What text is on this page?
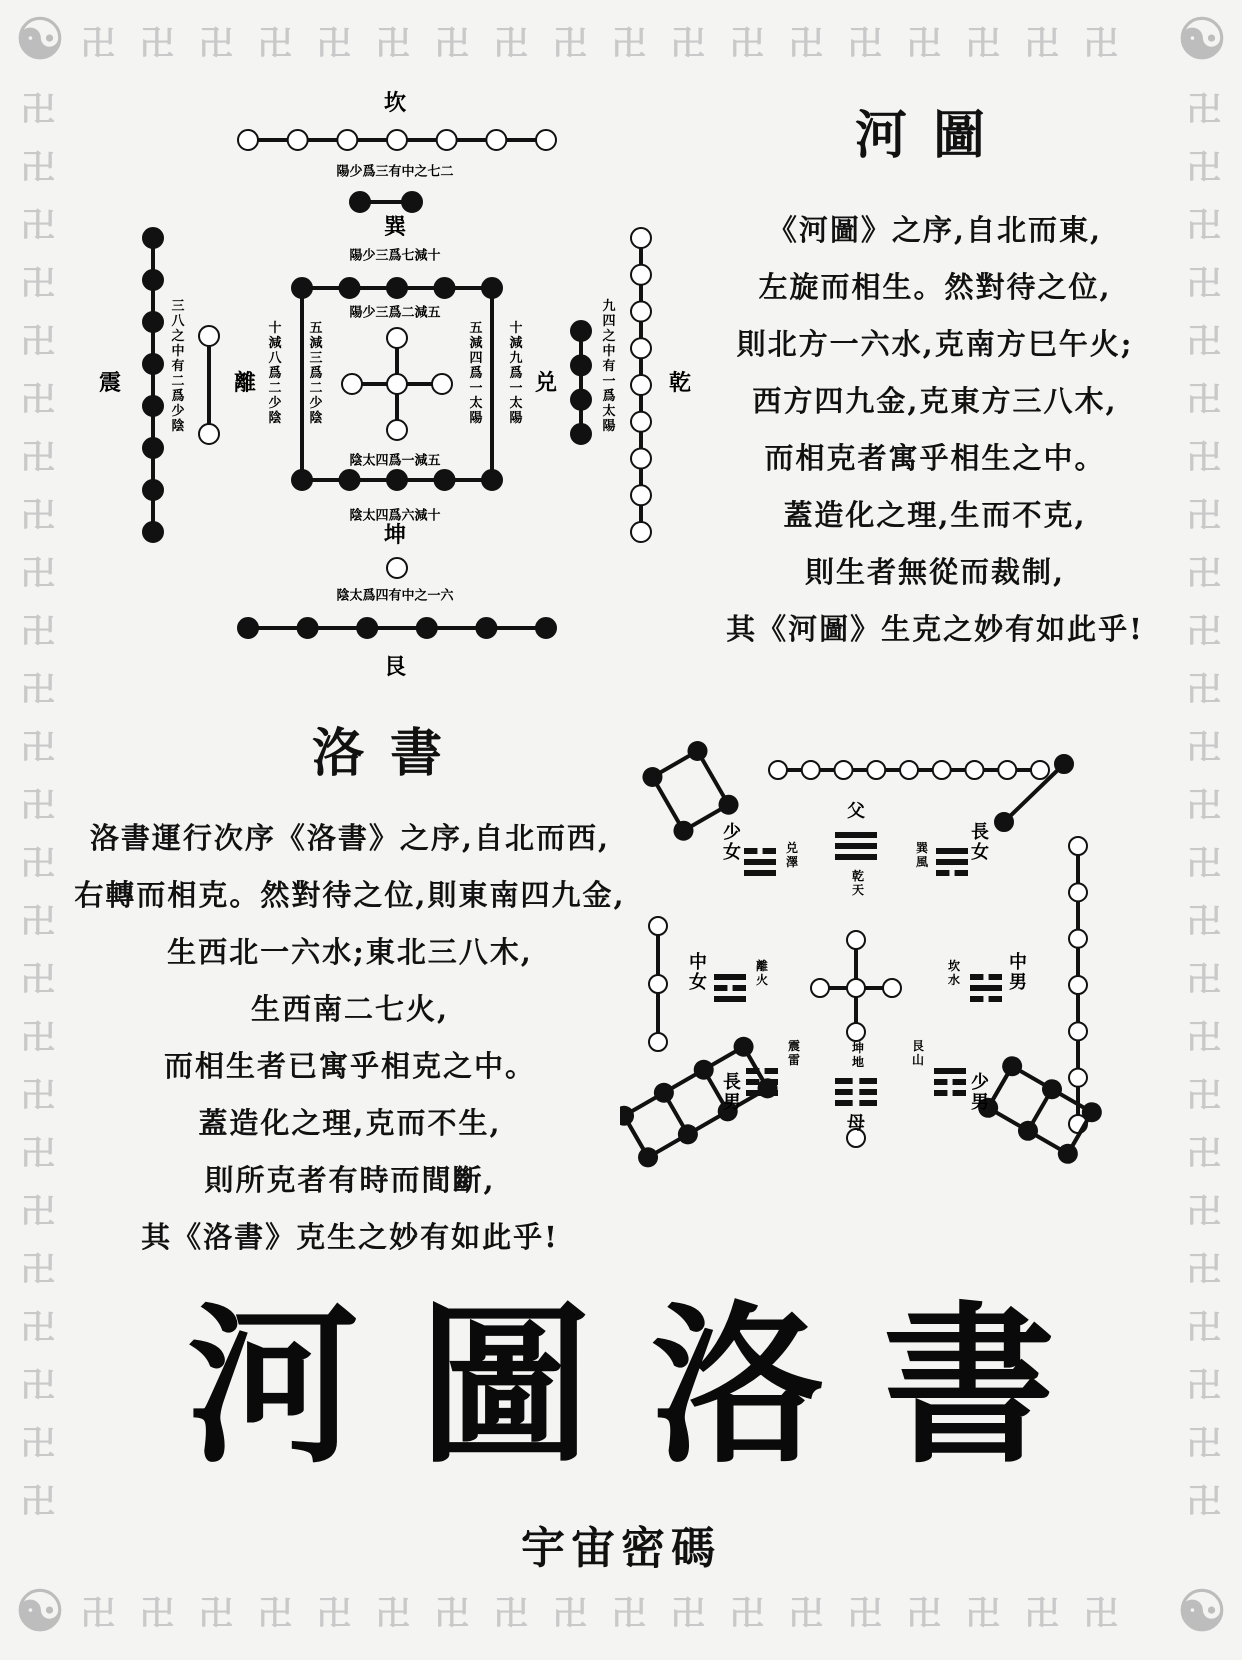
卍
卍
卍
卍
卍
卍
卍
卍
卍
卍
卍
卍
卍
卍
卍
卍
卍
卍
卍
卍
卍
卍
卍
卍
卍
卍
卍
卍
卍
卍
卍
卍
卍
卍
卍
卍
卍	卍
卍	卍
卍	卍
卍	卍
卍	卍
卍	卍
卍	卍
卍	卍
卍	卍
卍	卍
卍	卍
卍	卍
卍	卍
卍	卍
卍	卍
卍	卍
卍	卍
卍	卍
卍	卍
卍	卍
卍	卍
卍	卍
卍	卍
卍	卍
卍	卍
☯	☯
☯	☯
坎
陽少爲三有中之七二
巽
陽少三爲七減十
陽少三爲二減五
陰太四爲一減五
陰太四爲六減十
五減三爲二少陰
五減四爲一太陽
十減八爲二少陰
十減九爲一太陽
震
三八之中有二爲少陰
離	兑
九四之中有一爲太陽
乾
坤
陰太爲四有中之一六
艮
河圖

《河圖》之序,自北而東,

左旋而相生。然對待之位,

則北方一六水,克南方巳午火;

西方四九金,克東方三八木,

而相克者寓乎相生之中。

蓋造化之理,生而不克,

則生者無從而裁制,

其《河圖》生克之妙有如此乎!

洛書

洛書運行次序《洛書》之序,自北而西,

右轉而相克。然對待之位,則東南四九金,

生西北一六水;東北三八木,

生西南二七火,

而相生者已寓乎相克之中。

蓋造化之理,克而不生,

則所克者有時而間斷,

其《洛書》克生之妙有如此乎!

父
乾天
少女	兑澤
長女
巽風
中女
離火
中男
坎水
長男
震雷
少男
艮山
坤地
母
河圖洛書
宇宙密碼
